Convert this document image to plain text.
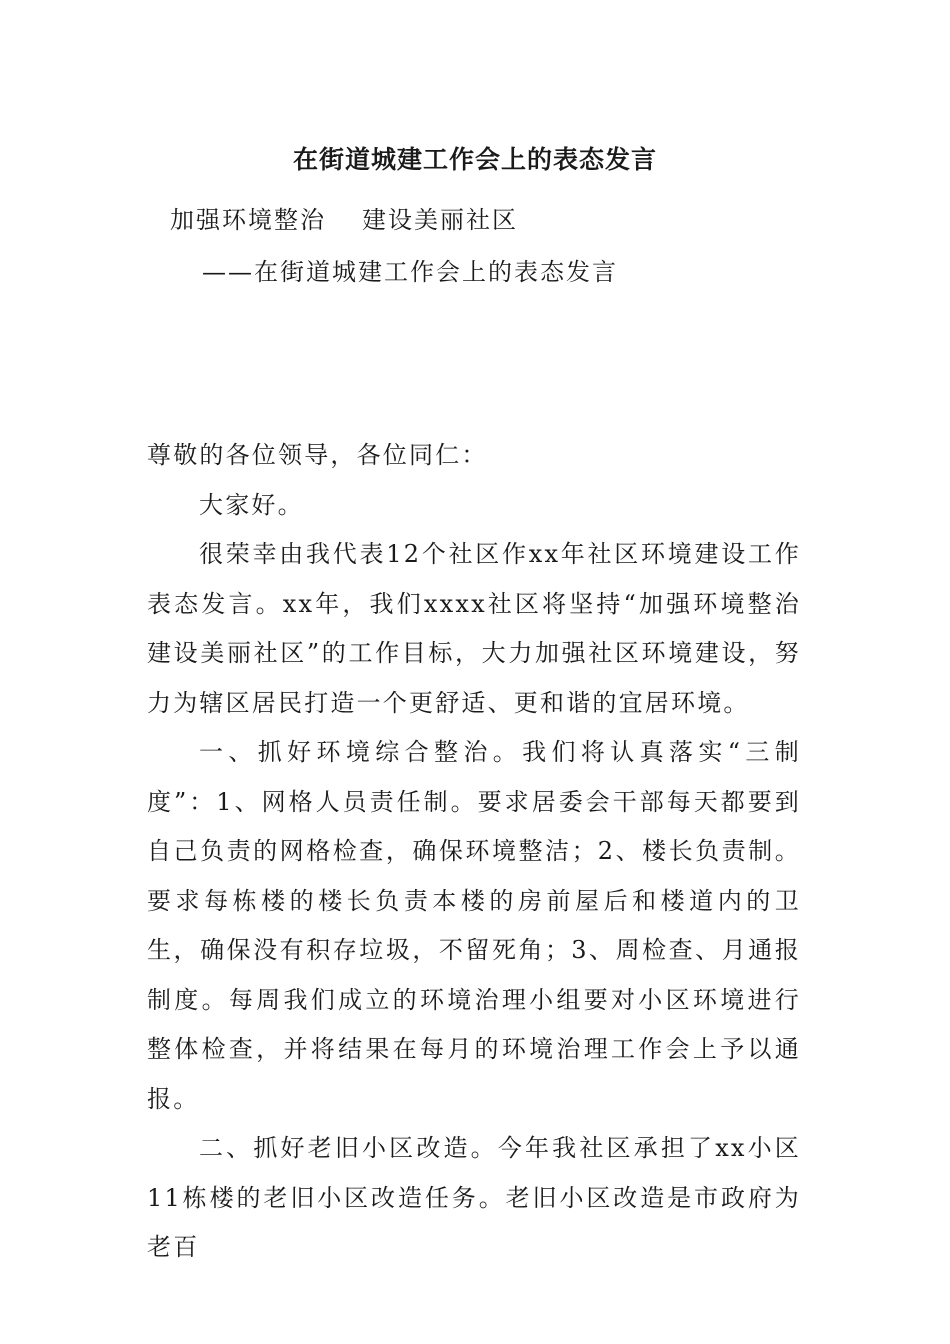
在街道城建工作会上的表态发言
加强环境整治 建设美丽社区
——在街道城建工作会上的表态发言

尊敬的各位领导，各位同仁：

大家好。

很荣幸由我代表12个社区作xx年社区环境建设工作表态发言。xx年，我们xxxx社区将坚持“加强环境整治　建设美丽社区”的工作目标，大力加强社区环境建设，努力为辖区居民打造一个更舒适、更和谐的宜居环境。

一、抓好环境综合整治。我们将认真落实“三制度”：1、网格人员责任制。要求居委会干部每天都要到自己负责的网格检查，确保环境整洁；2、楼长负责制。要求每栋楼的楼长负责本楼的房前屋后和楼道内的卫生，确保没有积存垃圾，不留死角；3、周检查、月通报制度。每周我们成立的环境治理小组要对小区环境进行整体检查，并将结果在每月的环境治理工作会上予以通报。

二、抓好老旧小区改造。今年我社区承担了xx小区11栋楼的老旧小区改造任务。老旧小区改造是市政府为老百
